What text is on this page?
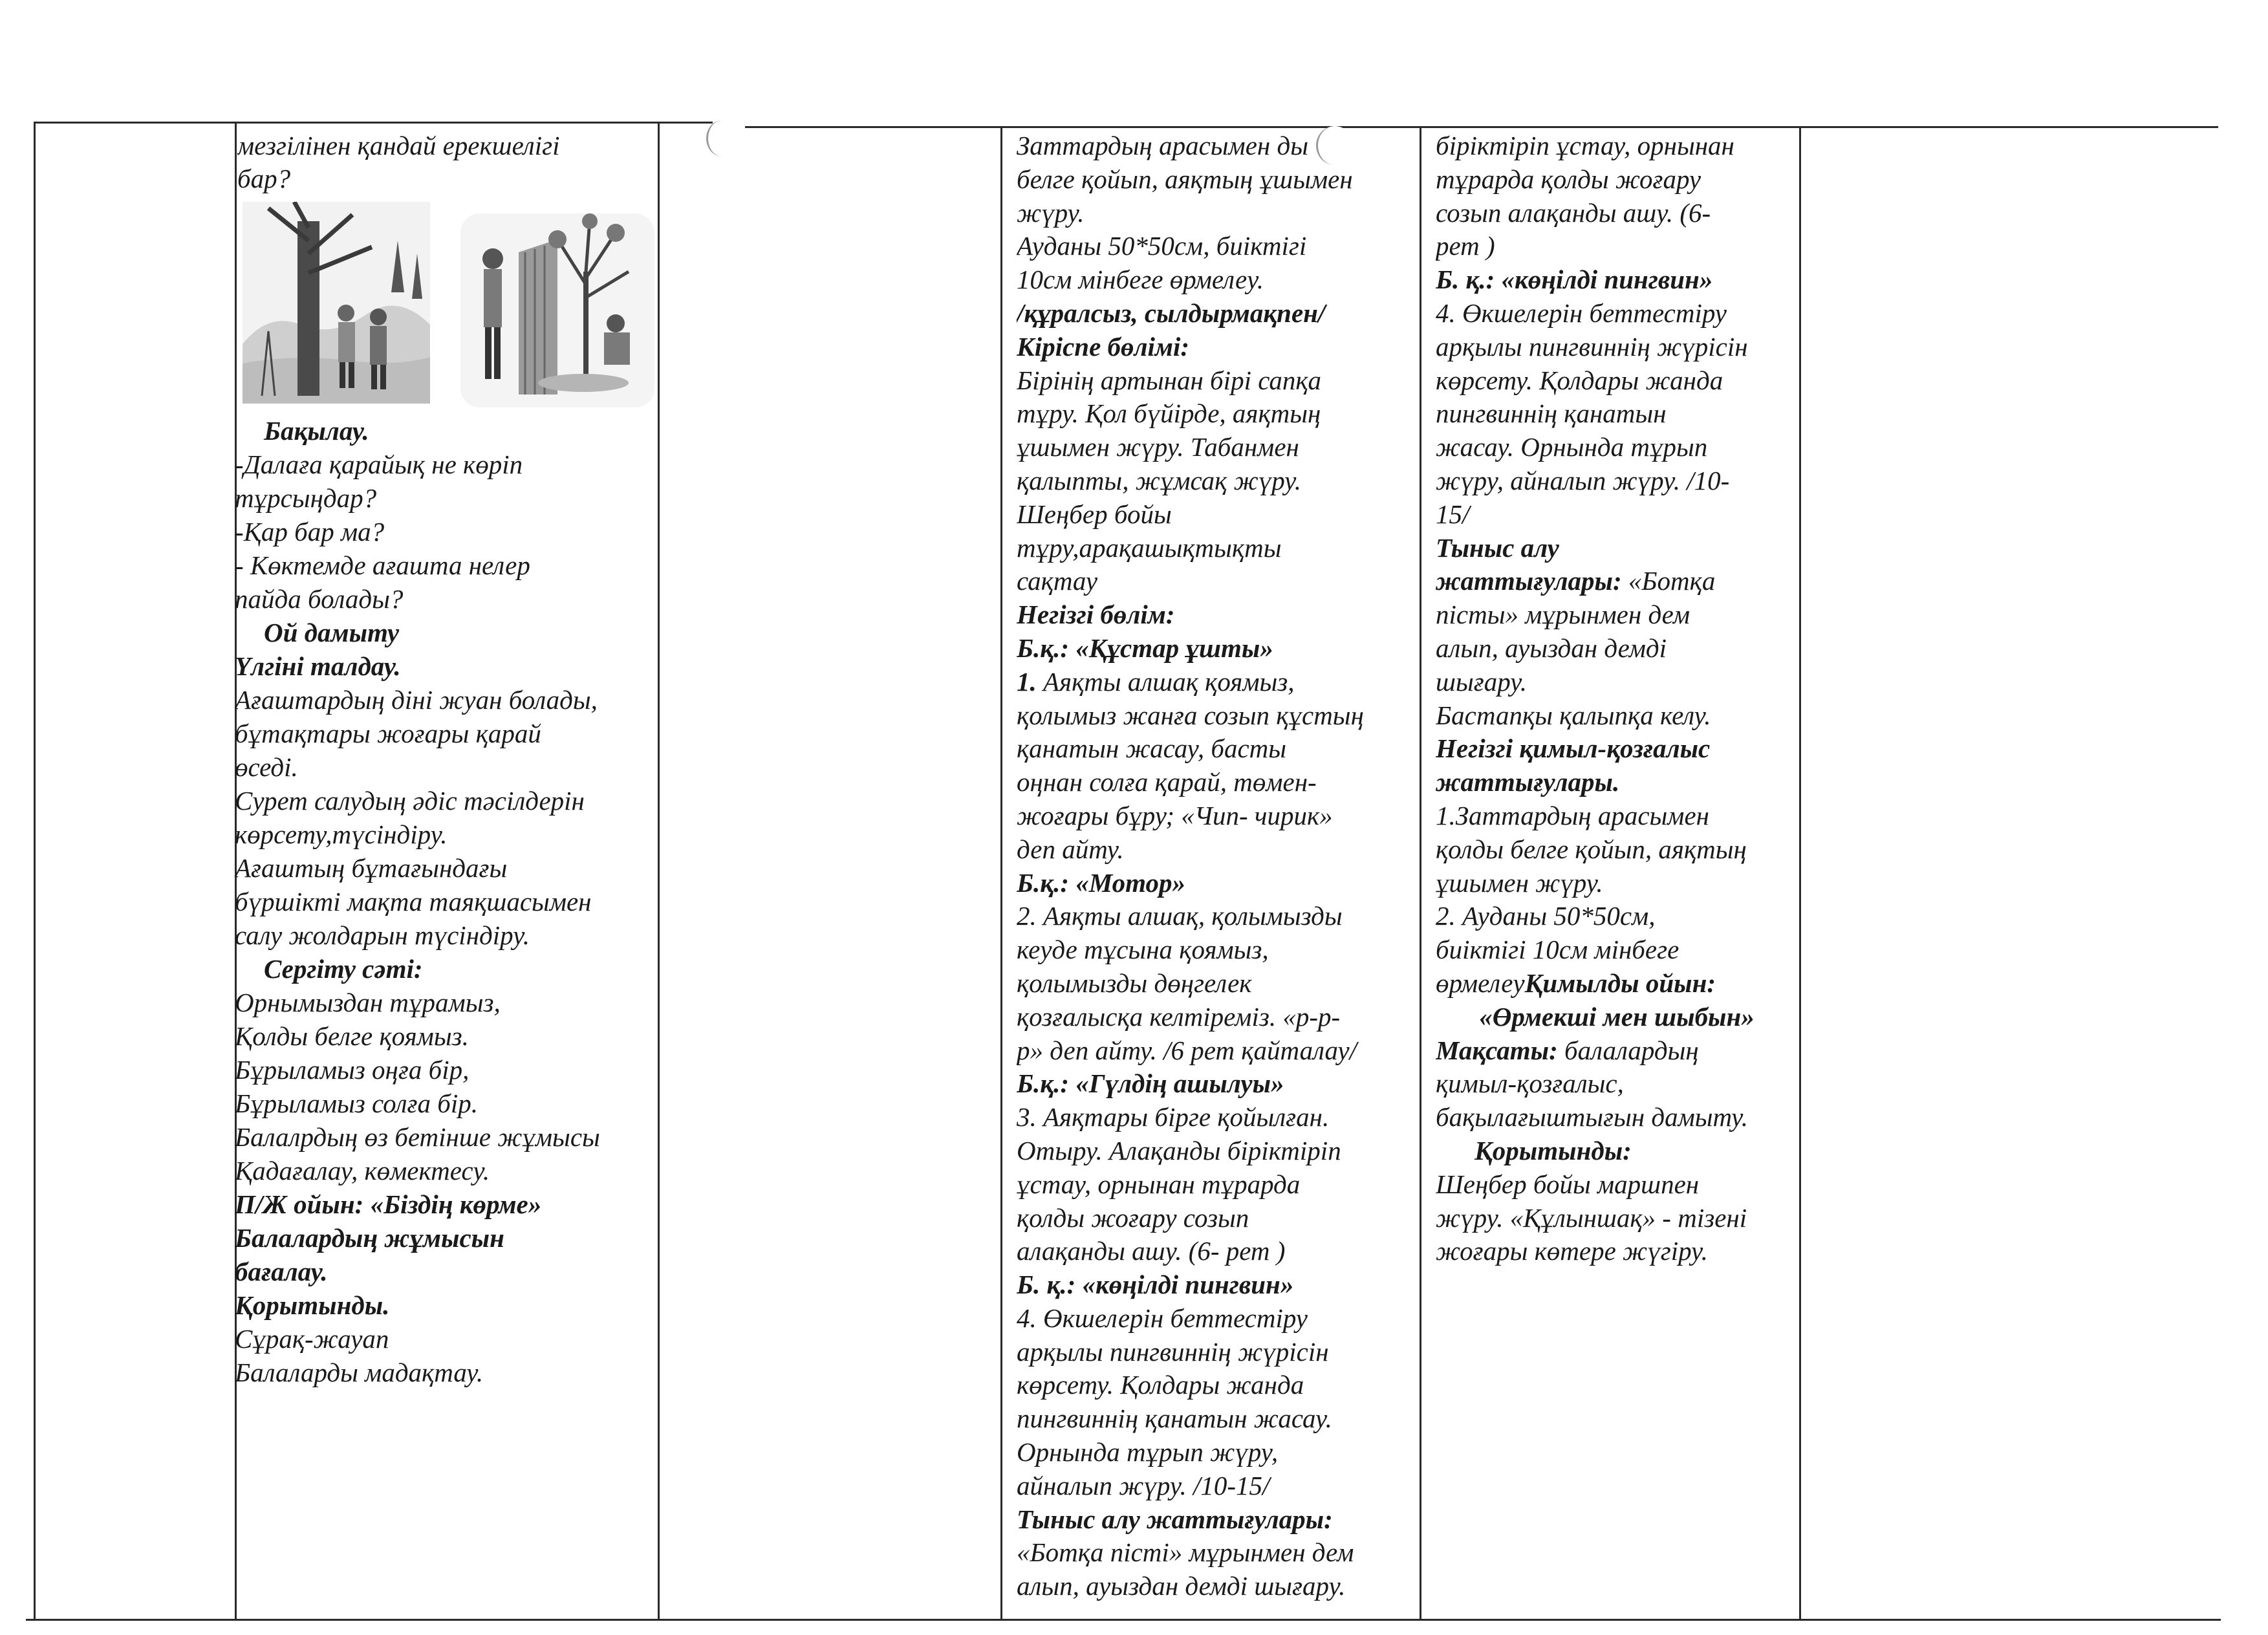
мезгілінен қандай ерекшелігі
бар?
Бақылау.
-Далаға қарайық не көріп
тұрсыңдар?
-Қар бар ма?
- Көктемде ағашта нелер
пайда болады?
Ой дамыту
Үлгіні талдау.
Ағаштардың діні жуан болады,
бұтақтары жоғары қарай
өседі.
Сурет салудың әдіс тәсілдерін
көрсету,түсіндіру.
Ағаштың бұтағындағы
бүршікті мақта таяқшасымен
салу жолдарын түсіндіру.
Сергіту сәті:
Орнымыздан тұрамыз,
Қолды белге қоямыз.
Бұрыламыз оңға бір,
Бұрыламыз солға бір.
Балалрдың өз бетінше жұмысы
Қадағалау, көмектесу.
П/Ж ойын: «Біздің көрме»
Балалардың жұмысын
бағалау.
Қорытынды.
Сұрақ-жауап
Балаларды мадақтау.
Заттардың арасымен ды
белге қойып, аяқтың ұшымен
жүру.
Ауданы 50*50см, биіктігі
10см мінбеге өрмелеу.
/құралсыз, сылдырмақпен/
Кіріспе бөлімі:
Бірінің артынан бірі сапқа
тұру. Қол бүйірде, аяқтың
ұшымен жүру. Табанмен
қалыпты, жұмсақ жүру.
Шеңбер бойы
тұру,арақашықтықты
сақтау
Негізгі бөлім:
Б.қ.: «Құстар ұшты»
1. Аяқты алшақ қоямыз,
қолымыз жанға созып құстың
қанатын жасау, басты
оңнан солға қарай, төмен-
жоғары бұру; «Чип- чирик»
деп айту.
Б.қ.: «Мотор»
2. Аяқты алшақ, қолымызды
кеуде тұсына қоямыз,
қолымызды дөңгелек
қозғалысқа келтіреміз. «р-р-
р» деп айту. /6 рет қайталау/
Б.қ.: «Гүлдің ашылуы»
3. Аяқтары бірге қойылған.
Отыру. Алақанды біріктіріп
ұстау, орнынан тұрарда
қолды жоғару созып
алақанды ашу. (6- рет )
Б. қ.: «көңілді пингвин»
4. Өкшелерін беттестіру
арқылы пингвиннің жүрісін
көрсету. Қолдары жанда
пингвиннің қанатын жасау.
Орнында тұрып жүру,
айналып жүру. /10-15/
Тыныс алу жаттығулары:
«Ботқа пісті» мұрынмен дем
алып, ауыздан демді шығару.
біріктіріп ұстау, орнынан
тұрарда қолды жоғару
созып алақанды ашу. (6-
рет )
Б. қ.: «көңілді пингвин»
4. Өкшелерін беттестіру
арқылы пингвиннің жүрісін
көрсету. Қолдары жанда
пингвиннің қанатын
жасау. Орнында тұрып
жүру, айналып жүру. /10-
15/
Тыныс алу
жаттығулары: «Ботқа
пісты» мұрынмен дем
алып, ауыздан демді
шығару.
Бастапқы қалыпқа келу.
Негізгі қимыл-қозғалыс
жаттығулары.
1.Заттардың арасымен
қолды белге қойып, аяқтың
ұшымен жүру.
2. Ауданы 50*50см,
биіктігі 10см мінбеге
өрмелеуҚимылды ойын:
«Өрмекші мен шыбын»
Мақсаты: балалардың
қимыл-қозғалыс,
бақылағыштығын дамыту.
Қорытынды:
Шеңбер бойы маршпен
жүру. «Құлыншақ» - тізені
жоғары көтере жүгіру.
